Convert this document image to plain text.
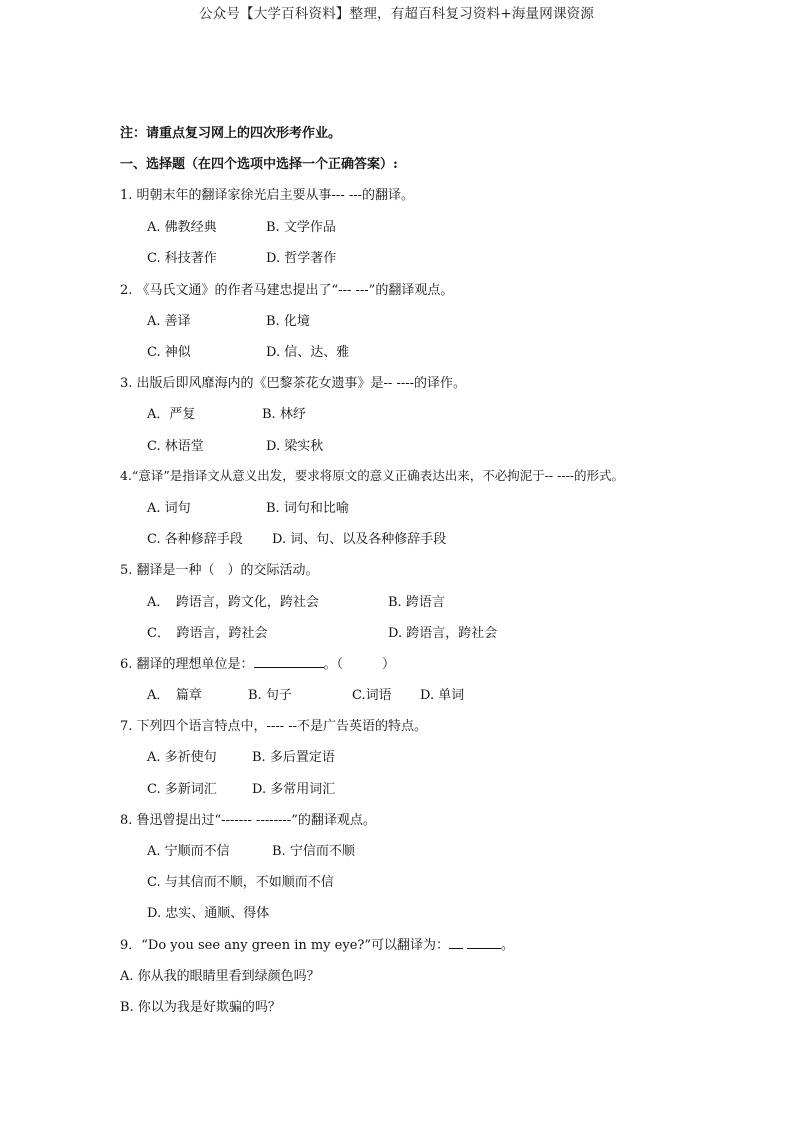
公众号【大学百科资料】整理，有超百科复习资料+海量网课资源
注：请重点复习网上的四次形考作业。
一、选择题（在四个选项中选择一个正确答案）:
1. 明朝末年的翻译家徐光启主要从事--- ---的翻译。
A. 佛教经典	B. 文学作品
C. 科技著作	D. 哲学著作
2. 《马氏文通》的作者马建忠提出了“--- ---”的翻译观点。
A. 善译	B. 化境
C. 神似	D. 信、达、雅
3. 出版后即风靡海内的《巴黎茶花女遗事》是-- ----的译作。
A．严复	B. 林纾
C. 林语堂	D. 梁实秋
4.“意译”是指译文从意义出发，要求将原文的意义正确表达出来，不必拘泥于-- ----的形式。
A. 词句	B. 词句和比喻
C. 各种修辞手段 D. 词、句、以及各种修辞手段
5. 翻译是一种（　）的交际活动。
A．　跨语言，跨文化，跨社会	B. 跨语言
C．　跨语言，跨社会	D. 跨语言，跨社会
6. 翻译的理想单位是：	。（　　　）
A．　篇章	B. 句子	C.词语 D. 单词
7. 下列四个语言特点中，---- --不是广告英语的特点。
A. 多祈使句	B. 多后置定语
C. 多新词汇	D. 多常用词汇
8. 鲁迅曾提出过“------- --------”的翻译观点。
A. 宁顺而不信	B. 宁信而不顺
C. 与其信而不顺，不如顺而不信
D. 忠实、通顺、得体
9．“Do you see any green in my eye?”可以翻译为：	。
A. 你从我的眼睛里看到绿颜色吗？
B. 你以为我是好欺骗的吗？
